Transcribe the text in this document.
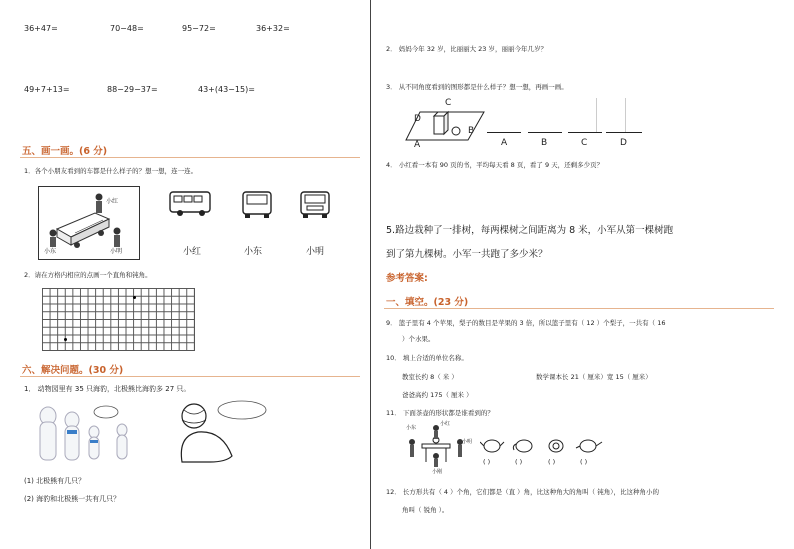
36+47=	70−48=	95−72=	36+32=
49+7+13=	88−29−37=	43+(43−15)=
五、画一画。(6 分)
1．各个小朋友看到的车都是什么样子的？想一想，连一连。
小红
小东	小明	小红	小东	小明
2．请在方格内相应的点画一个直角和钝角。
六、解决问题。(30 分)
1． 动物园里有 35 只海豹，北极熊比海豹多 27 只。
(1) 北极熊有几只？
(2) 海豹和北极熊一共有几只？
2． 妈妈今年 32 岁，比丽丽大 23 岁，丽丽今年几岁？
3． 从不同角度看到的图形都是什么样子？想一想，再画一画。
C
D
B
A	A	B	C	D
4． 小红看一本有 90 页的书，平均每天看 8 页，看了 9 天，还剩多少页？
5.路边栽种了一排树，每两棵树之间距离为 8 米，小军从第一棵树跑
到了第九棵树。小军一共跑了多少米？
参考答案:
一、填空。(23 分)
9． 篮子里有 4 个苹果，梨子的数目是苹果的 3 倍，所以篮子里有（ 12 ）个梨子，一共有（ 16
）个水果。
10． 填上合适的单位名称。
教室长约 8（ 米 ）	数学课本长 21（ 厘米）宽 15（ 厘米）
爸爸高约 175（ 厘米 ）
11． 下面茶壶的形状都是谁看到的？
小东
小红
小刚
小明
( )	( )	( )	( )
12． 长方形共有（ 4 ）个角，它们都是（直 ）角，比这种角大的角叫（ 钝角），比这种角小的
角叫（ 锐角 ）。
